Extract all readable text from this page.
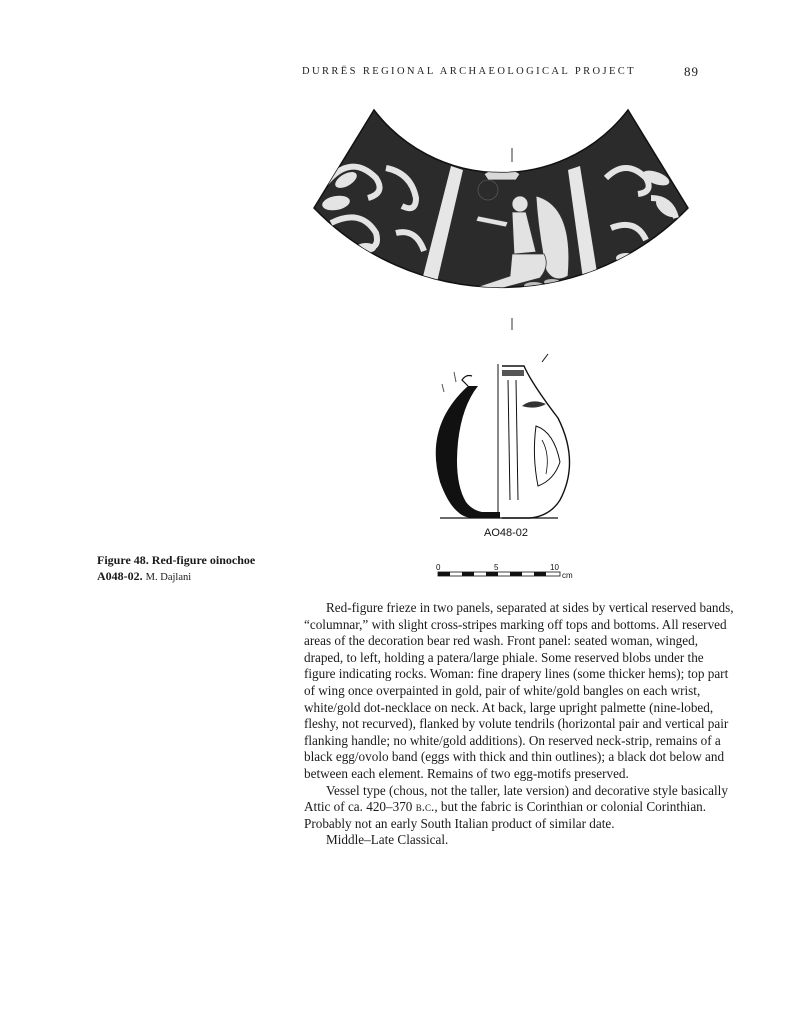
DURRËS REGIONAL ARCHAEOLOGICAL PROJECT	89
AO48-02
0	5	10
cm
Figure 48. Red-figure oinochoe A048-02. M. Dajlani

Red-figure frieze in two panels, separated at sides by vertical reserved bands, “columnar,” with slight cross-stripes marking off tops and bottoms. All reserved areas of the decoration bear red wash. Front panel: seated woman, winged, draped, to left, holding a patera/large phiale. Some reserved blobs under the figure indicating rocks. Woman: fine drapery lines (some thicker hems); top part of wing once overpainted in gold, pair of white/gold bangles on each wrist, white/gold dot-necklace on neck. At back, large upright palmette (nine-lobed, fleshy, not recurved), flanked by volute tendrils (horizontal pair and vertical pair flanking handle; no white/gold additions). On reserved neck-strip, remains of a black egg/ovolo band (eggs with thick and thin outlines); a black dot below and between each element. Remains of two egg-motifs preserved.

Vessel type (chous, not the taller, late version) and decorative style basically Attic of ca. 420–370 b.c., but the fabric is Corinthian or colonial Corinthian. Probably not an early South Italian product of similar date.

Middle–Late Classical.
